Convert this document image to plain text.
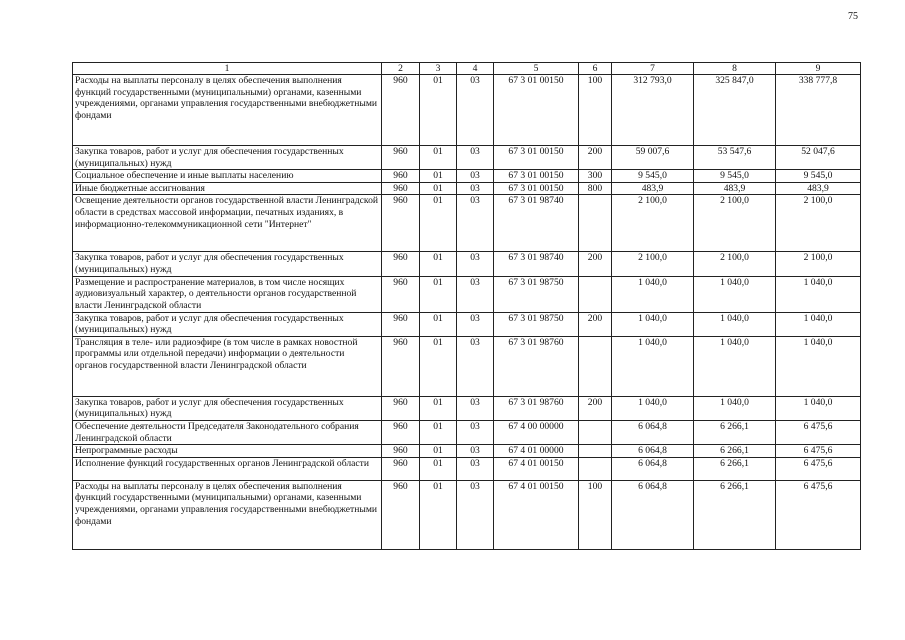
75
1	2	3	4	5	6	7	8	9
Расходы на выплаты персоналу в целях обеспечения выполнения функций государственными (муниципальными) органами, казенными учреждениями, органами управления государственными внебюджетными фондами	960	01	03	67 3 01 00150	100	312 793,0	325 847,0	338 777,8
Закупка товаров, работ и услуг для обеспечения государственных (муниципальных) нужд	960	01	03	67 3 01 00150	200	59 007,6	53 547,6	52 047,6
Социальное обеспечение и иные выплаты населению	960	01	03	67 3 01 00150	300	9 545,0	9 545,0	9 545,0
Иные бюджетные ассигнования	960	01	03	67 3 01 00150	800	483,9	483,9	483,9
Освещение деятельности органов государственной власти Ленинградской области в средствах массовой информации, печатных изданиях, в информационно-телекоммуникационной сети "Интернет"	960	01	03	67 3 01 98740		2 100,0	2 100,0	2 100,0
Закупка товаров, работ и услуг для обеспечения государственных (муниципальных) нужд	960	01	03	67 3 01 98740	200	2 100,0	2 100,0	2 100,0
Размещение и распространение материалов, в том числе носящих аудиовизуальный характер, о деятельности органов государственной власти Ленинградской области	960	01	03	67 3 01 98750		1 040,0	1 040,0	1 040,0
Закупка товаров, работ и услуг для обеспечения государственных (муниципальных) нужд	960	01	03	67 3 01 98750	200	1 040,0	1 040,0	1 040,0
Трансляция в теле- или радиоэфире (в том числе в рамках новостной программы или отдельной передачи) информации о деятельности органов государственной власти Ленинградской области	960	01	03	67 3 01 98760		1 040,0	1 040,0	1 040,0
Закупка товаров, работ и услуг для обеспечения государственных (муниципальных) нужд	960	01	03	67 3 01 98760	200	1 040,0	1 040,0	1 040,0
Обеспечение деятельности Председателя Законодательного собрания Ленинградской области	960	01	03	67 4 00 00000		6 064,8	6 266,1	6 475,6
Непрограммные расходы	960	01	03	67 4 01 00000		6 064,8	6 266,1	6 475,6
Исполнение функций государственных органов Ленинградской области	960	01	03	67 4 01 00150		6 064,8	6 266,1	6 475,6
Расходы на выплаты персоналу в целях обеспечения выполнения функций государственными (муниципальными) органами, казенными учреждениями, органами управления государственными внебюджетными фондами	960	01	03	67 4 01 00150	100	6 064,8	6 266,1	6 475,6
